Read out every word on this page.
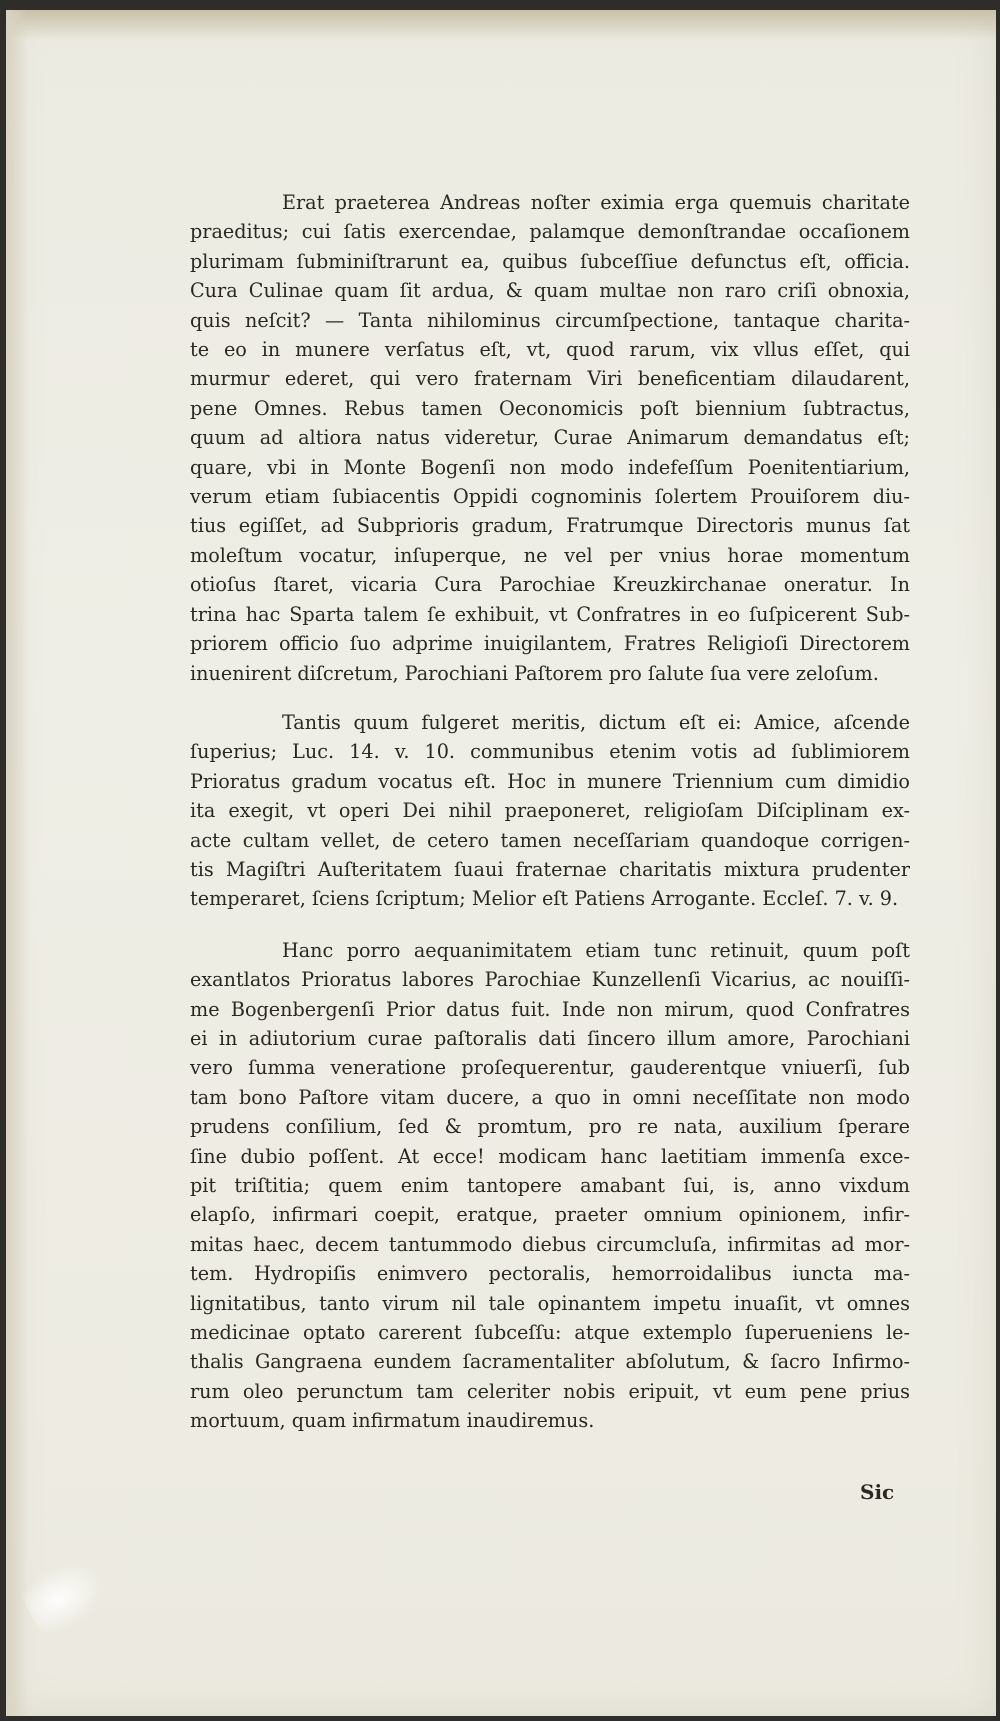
Erat praeterea Andreas noſter eximia erga quemuis charitate
praeditus; cui ſatis exercendae, palamque demonſtrandae occaſionem
plurimam ſubminiſtrarunt ea, quibus ſubceſſiue defunctus eſt, officia.
Cura Culinae quam ſit ardua, & quam multae non raro criſi obnoxia,
quis neſcit? — Tanta nihilominus circumſpectione, tantaque charita-
te eo in munere verſatus eſt, vt, quod rarum, vix vllus eſſet, qui
murmur ederet, qui vero fraternam Viri beneficentiam dilaudarent,
pene Omnes. Rebus tamen Oeconomicis poſt biennium ſubtractus,
quum ad altiora natus videretur, Curae Animarum demandatus eſt;
quare, vbi in Monte Bogenſi non modo indefeſſum Poenitentiarium,
verum etiam ſubiacentis Oppidi cognominis ſolertem Prouiſorem diu-
tius egiſſet, ad Subprioris gradum, Fratrumque Directoris munus ſat
moleſtum vocatur, inſuperque, ne vel per vnius horae momentum
otioſus ſtaret, vicaria Cura Parochiae Kreuzkirchanae oneratur. In
trina hac Sparta talem ſe exhibuit, vt Confratres in eo ſuſpicerent Sub-
priorem officio ſuo adprime inuigilantem, Fratres Religioſi Directorem
inuenirent diſcretum, Parochiani Paſtorem pro ſalute ſua vere zeloſum.
Tantis quum fulgeret meritis, dictum eſt ei: Amice, aſcende
ſuperius; Luc. 14. v. 10. communibus etenim votis ad ſublimiorem
Prioratus gradum vocatus eſt. Hoc in munere Triennium cum dimidio
ita exegit, vt operi Dei nihil praeponeret, religioſam Diſciplinam ex-
acte cultam vellet, de cetero tamen neceſſariam quandoque corrigen-
tis Magiſtri Auſteritatem ſuaui fraternae charitatis mixtura prudenter
temperaret, ſciens ſcriptum; Melior eſt Patiens Arrogante. Eccleſ. 7. v. 9.
Hanc porro aequanimitatem etiam tunc retinuit, quum poſt
exantlatos Prioratus labores Parochiae Kunzellenſi Vicarius, ac nouiſſi-
me Bogenbergenſi Prior datus fuit. Inde non mirum, quod Confratres
ei in adiutorium curae paſtoralis dati ſincero illum amore, Parochiani
vero ſumma veneratione proſequerentur, gauderentque vniuerſi, ſub
tam bono Paſtore vitam ducere, a quo in omni neceſſitate non modo
prudens conſilium, ſed & promtum, pro re nata, auxilium ſperare
ſine dubio poſſent. At ecce! modicam hanc laetitiam immenſa exce-
pit triſtitia; quem enim tantopere amabant ſui, is, anno vixdum
elapſo, infirmari coepit, eratque, praeter omnium opinionem, infir-
mitas haec, decem tantummodo diebus circumcluſa, infirmitas ad mor-
tem. Hydropiſis enimvero pectoralis, hemorroidalibus iuncta ma-
lignitatibus, tanto virum nil tale opinantem impetu inuaſit, vt omnes
medicinae optato carerent ſubceſſu: atque extemplo ſuperueniens le-
thalis Gangraena eundem ſacramentaliter abſolutum, & ſacro Infirmo-
rum oleo perunctum tam celeriter nobis eripuit, vt eum pene prius
mortuum, quam infirmatum inaudiremus.
Sic
